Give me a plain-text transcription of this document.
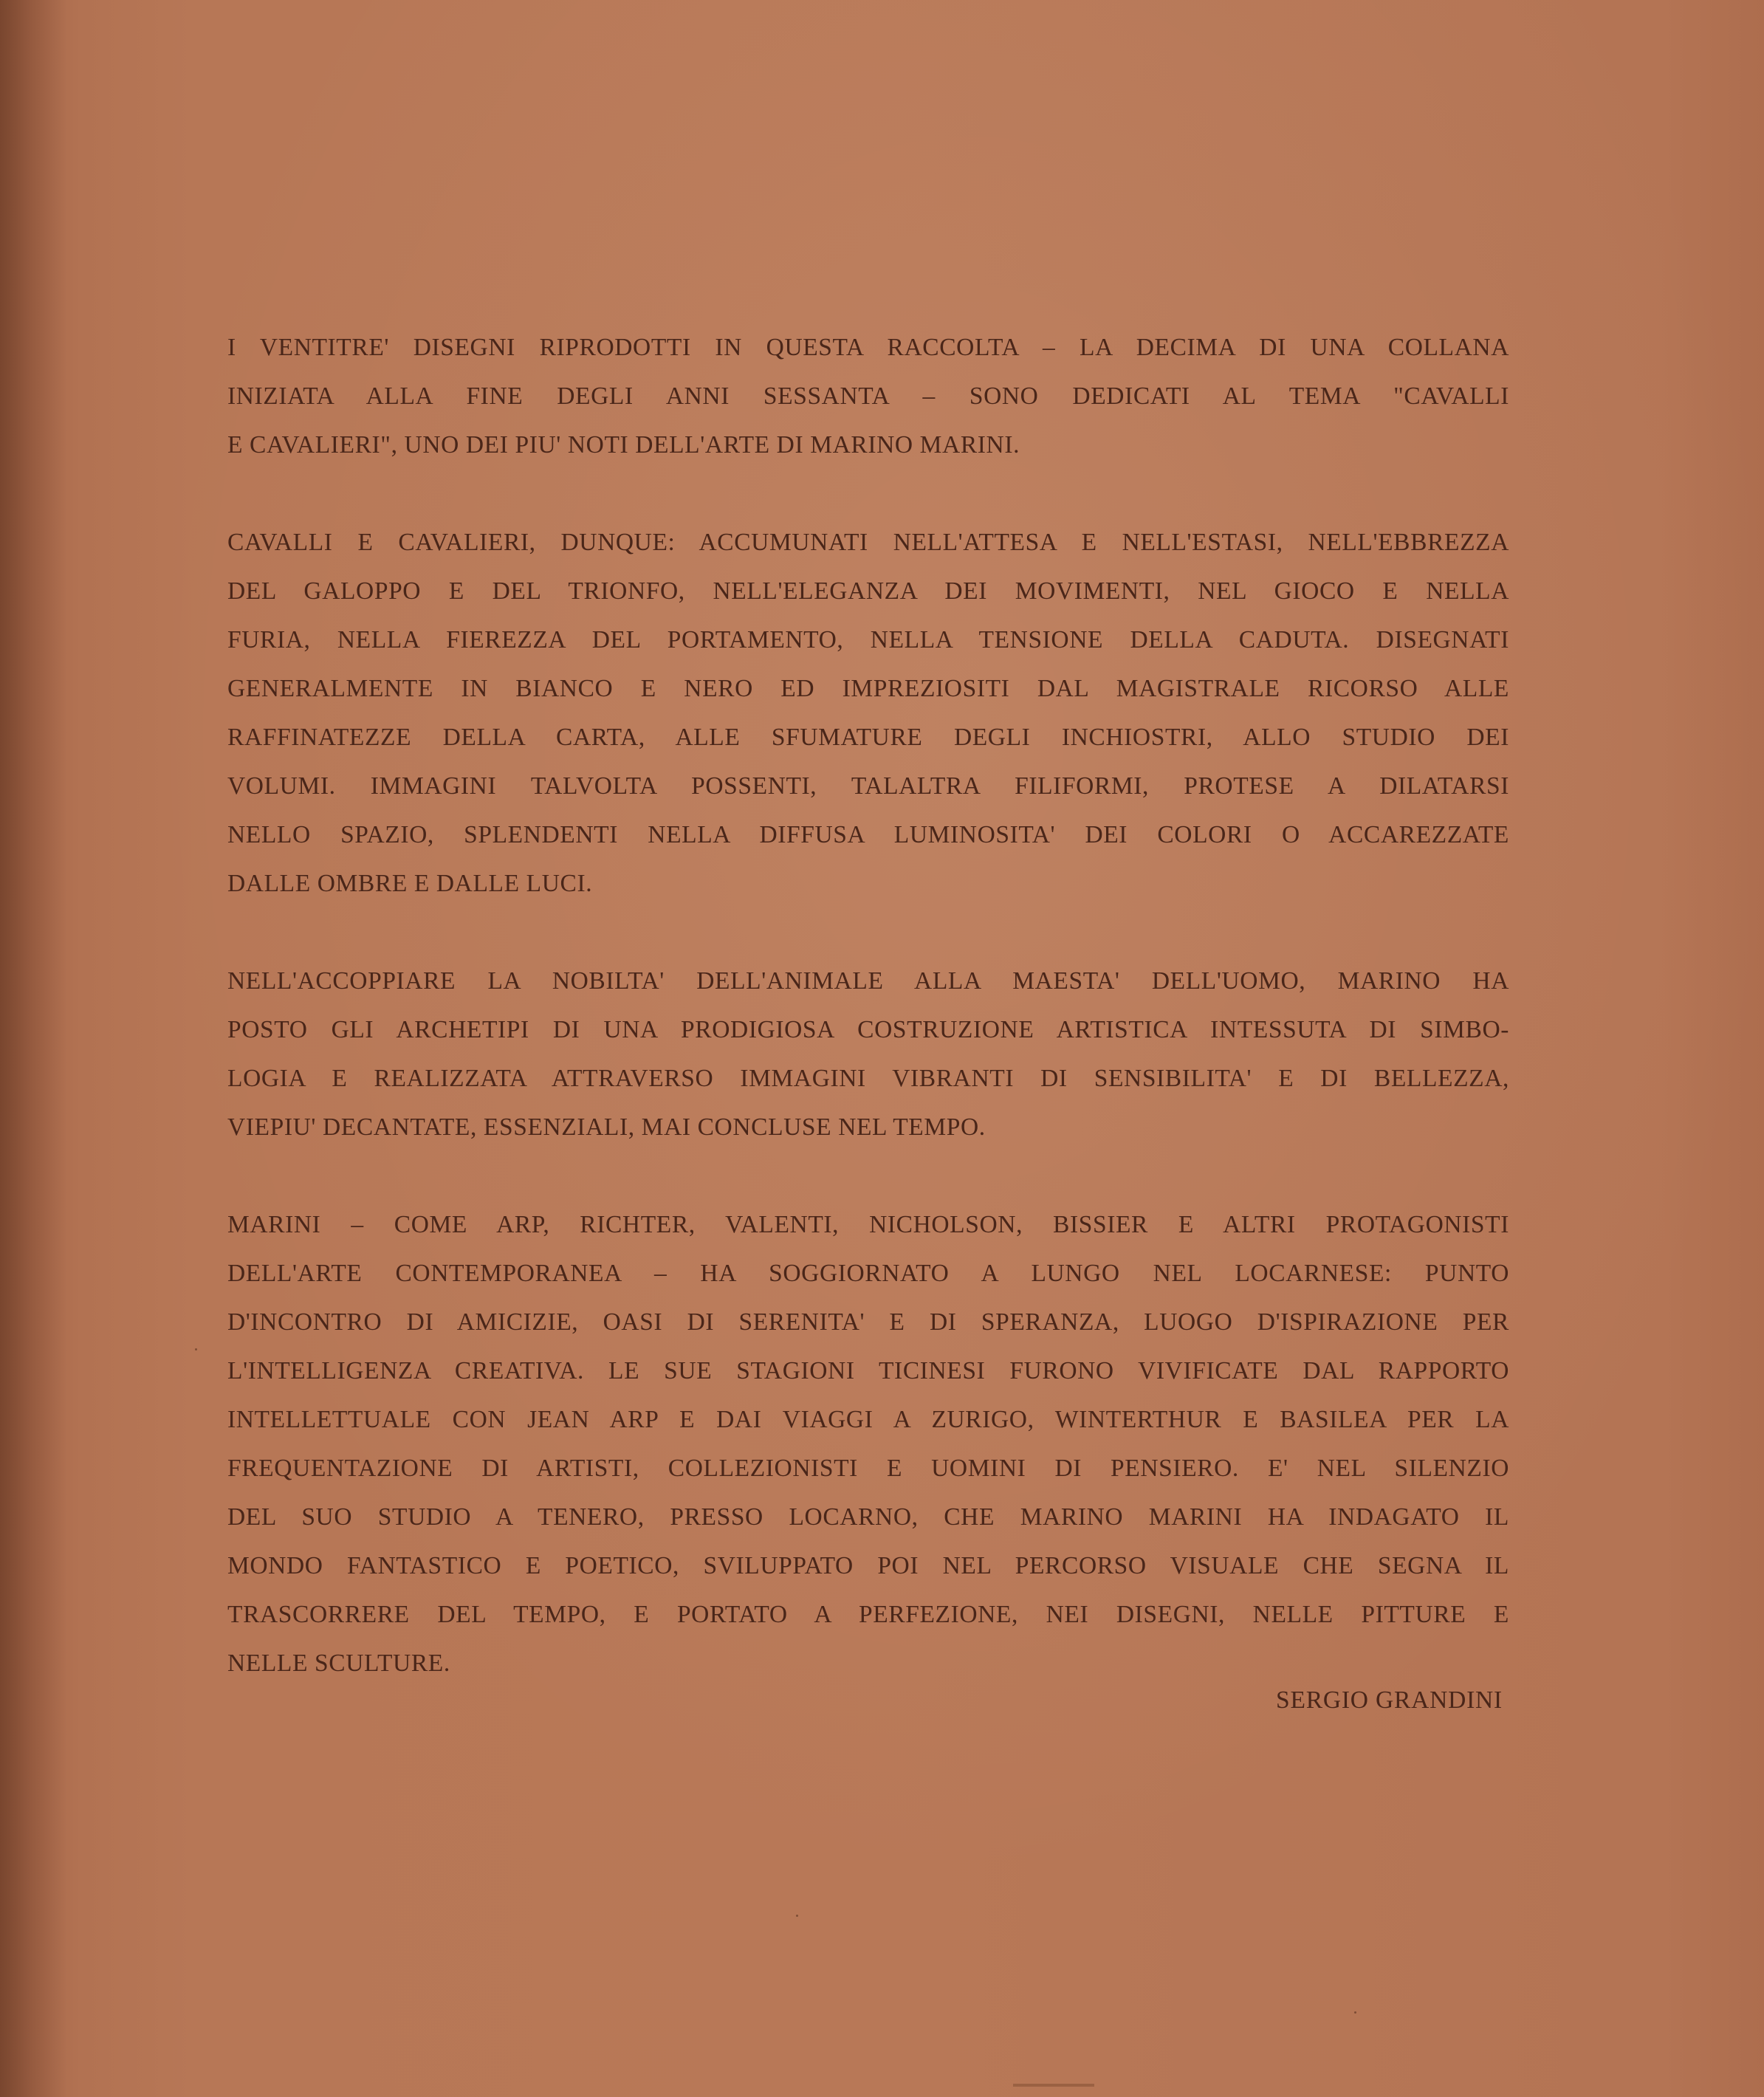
I VENTITRE' DISEGNI RIPRODOTTI IN QUESTA RACCOLTA – LA DECIMA DI UNA COLLANA
INIZIATA ALLA FINE DEGLI ANNI SESSANTA – SONO DEDICATI AL TEMA "CAVALLI
E CAVALIERI", UNO DEI PIU' NOTI DELL'ARTE DI MARINO MARINI.
CAVALLI E CAVALIERI, DUNQUE: ACCUMUNATI NELL'ATTESA E NELL'ESTASI, NELL'EBBREZZA
DEL GALOPPO E DEL TRIONFO, NELL'ELEGANZA DEI MOVIMENTI, NEL GIOCO E NELLA
FURIA, NELLA FIEREZZA DEL PORTAMENTO, NELLA TENSIONE DELLA CADUTA. DISEGNATI
GENERALMENTE IN BIANCO E NERO ED IMPREZIOSITI DAL MAGISTRALE RICORSO ALLE
RAFFINATEZZE DELLA CARTA, ALLE SFUMATURE DEGLI INCHIOSTRI, ALLO STUDIO DEI
VOLUMI. IMMAGINI TALVOLTA POSSENTI, TALALTRA FILIFORMI, PROTESE A DILATARSI
NELLO SPAZIO, SPLENDENTI NELLA DIFFUSA LUMINOSITA' DEI COLORI O ACCAREZZATE
DALLE OMBRE E DALLE LUCI.
NELL'ACCOPPIARE LA NOBILTA' DELL'ANIMALE ALLA MAESTA' DELL'UOMO, MARINO HA
POSTO GLI ARCHETIPI DI UNA PRODIGIOSA COSTRUZIONE ARTISTICA INTESSUTA DI SIMBO-
LOGIA E REALIZZATA ATTRAVERSO IMMAGINI VIBRANTI DI SENSIBILITA' E DI BELLEZZA,
VIEPIU' DECANTATE, ESSENZIALI, MAI CONCLUSE NEL TEMPO.
MARINI – COME ARP, RICHTER, VALENTI, NICHOLSON, BISSIER E ALTRI PROTAGONISTI
DELL'ARTE CONTEMPORANEA – HA SOGGIORNATO A LUNGO NEL LOCARNESE: PUNTO
D'INCONTRO DI AMICIZIE, OASI DI SERENITA' E DI SPERANZA, LUOGO D'ISPIRAZIONE PER
L'INTELLIGENZA CREATIVA. LE SUE STAGIONI TICINESI FURONO VIVIFICATE DAL RAPPORTO
INTELLETTUALE CON JEAN ARP E DAI VIAGGI A ZURIGO, WINTERTHUR E BASILEA PER LA
FREQUENTAZIONE DI ARTISTI, COLLEZIONISTI E UOMINI DI PENSIERO. E' NEL SILENZIO
DEL SUO STUDIO A TENERO, PRESSO LOCARNO, CHE MARINO MARINI HA INDAGATO IL
MONDO FANTASTICO E POETICO, SVILUPPATO POI NEL PERCORSO VISUALE CHE SEGNA IL
TRASCORRERE DEL TEMPO, E PORTATO A PERFEZIONE, NEI DISEGNI, NELLE PITTURE E
NELLE SCULTURE.
SERGIO GRANDINI
